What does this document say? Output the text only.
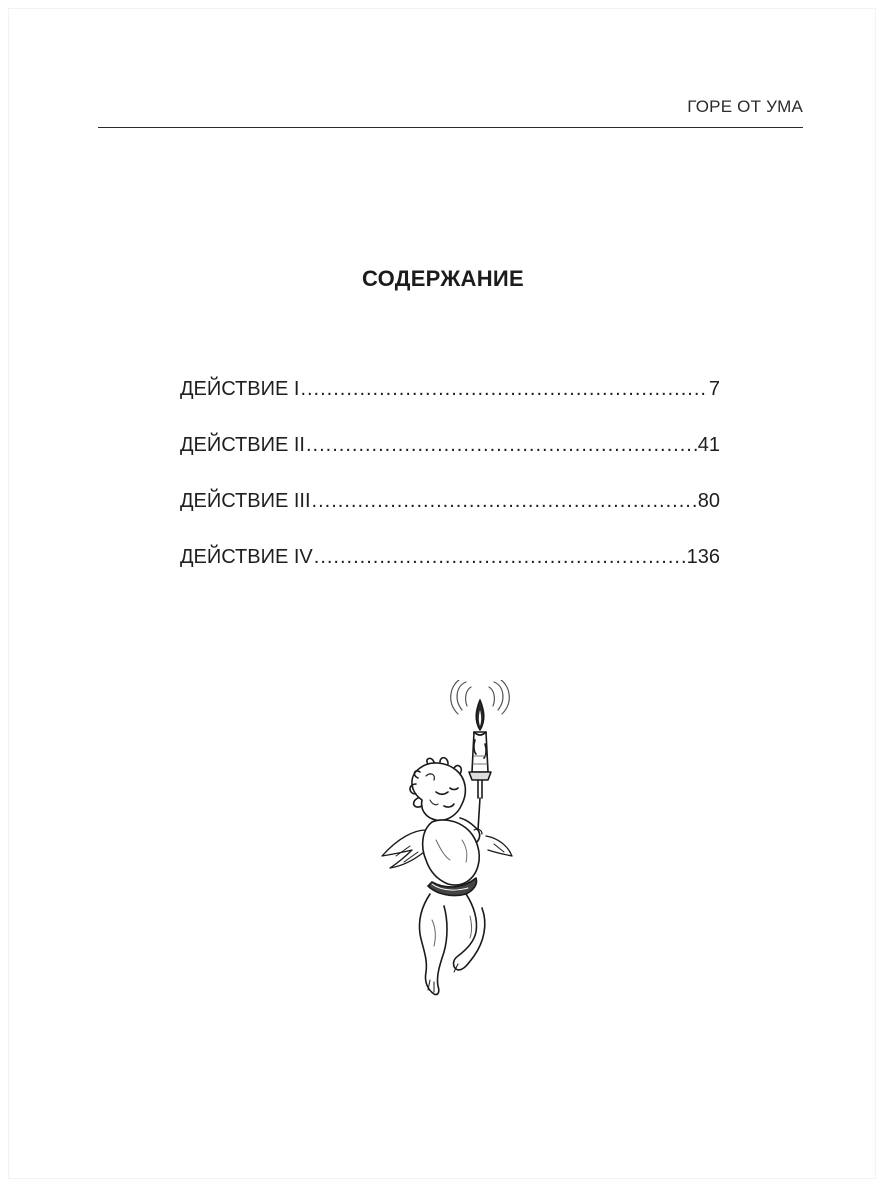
ГОРЕ ОТ УМА
СОДЕРЖАНИЕ
ДЕЙСТВИЕ I .....	7
ДЕЙСТВИЕ II .....	41
ДЕЙСТВИЕ III .....	80
ДЕЙСТВИЕ IV .....	136
